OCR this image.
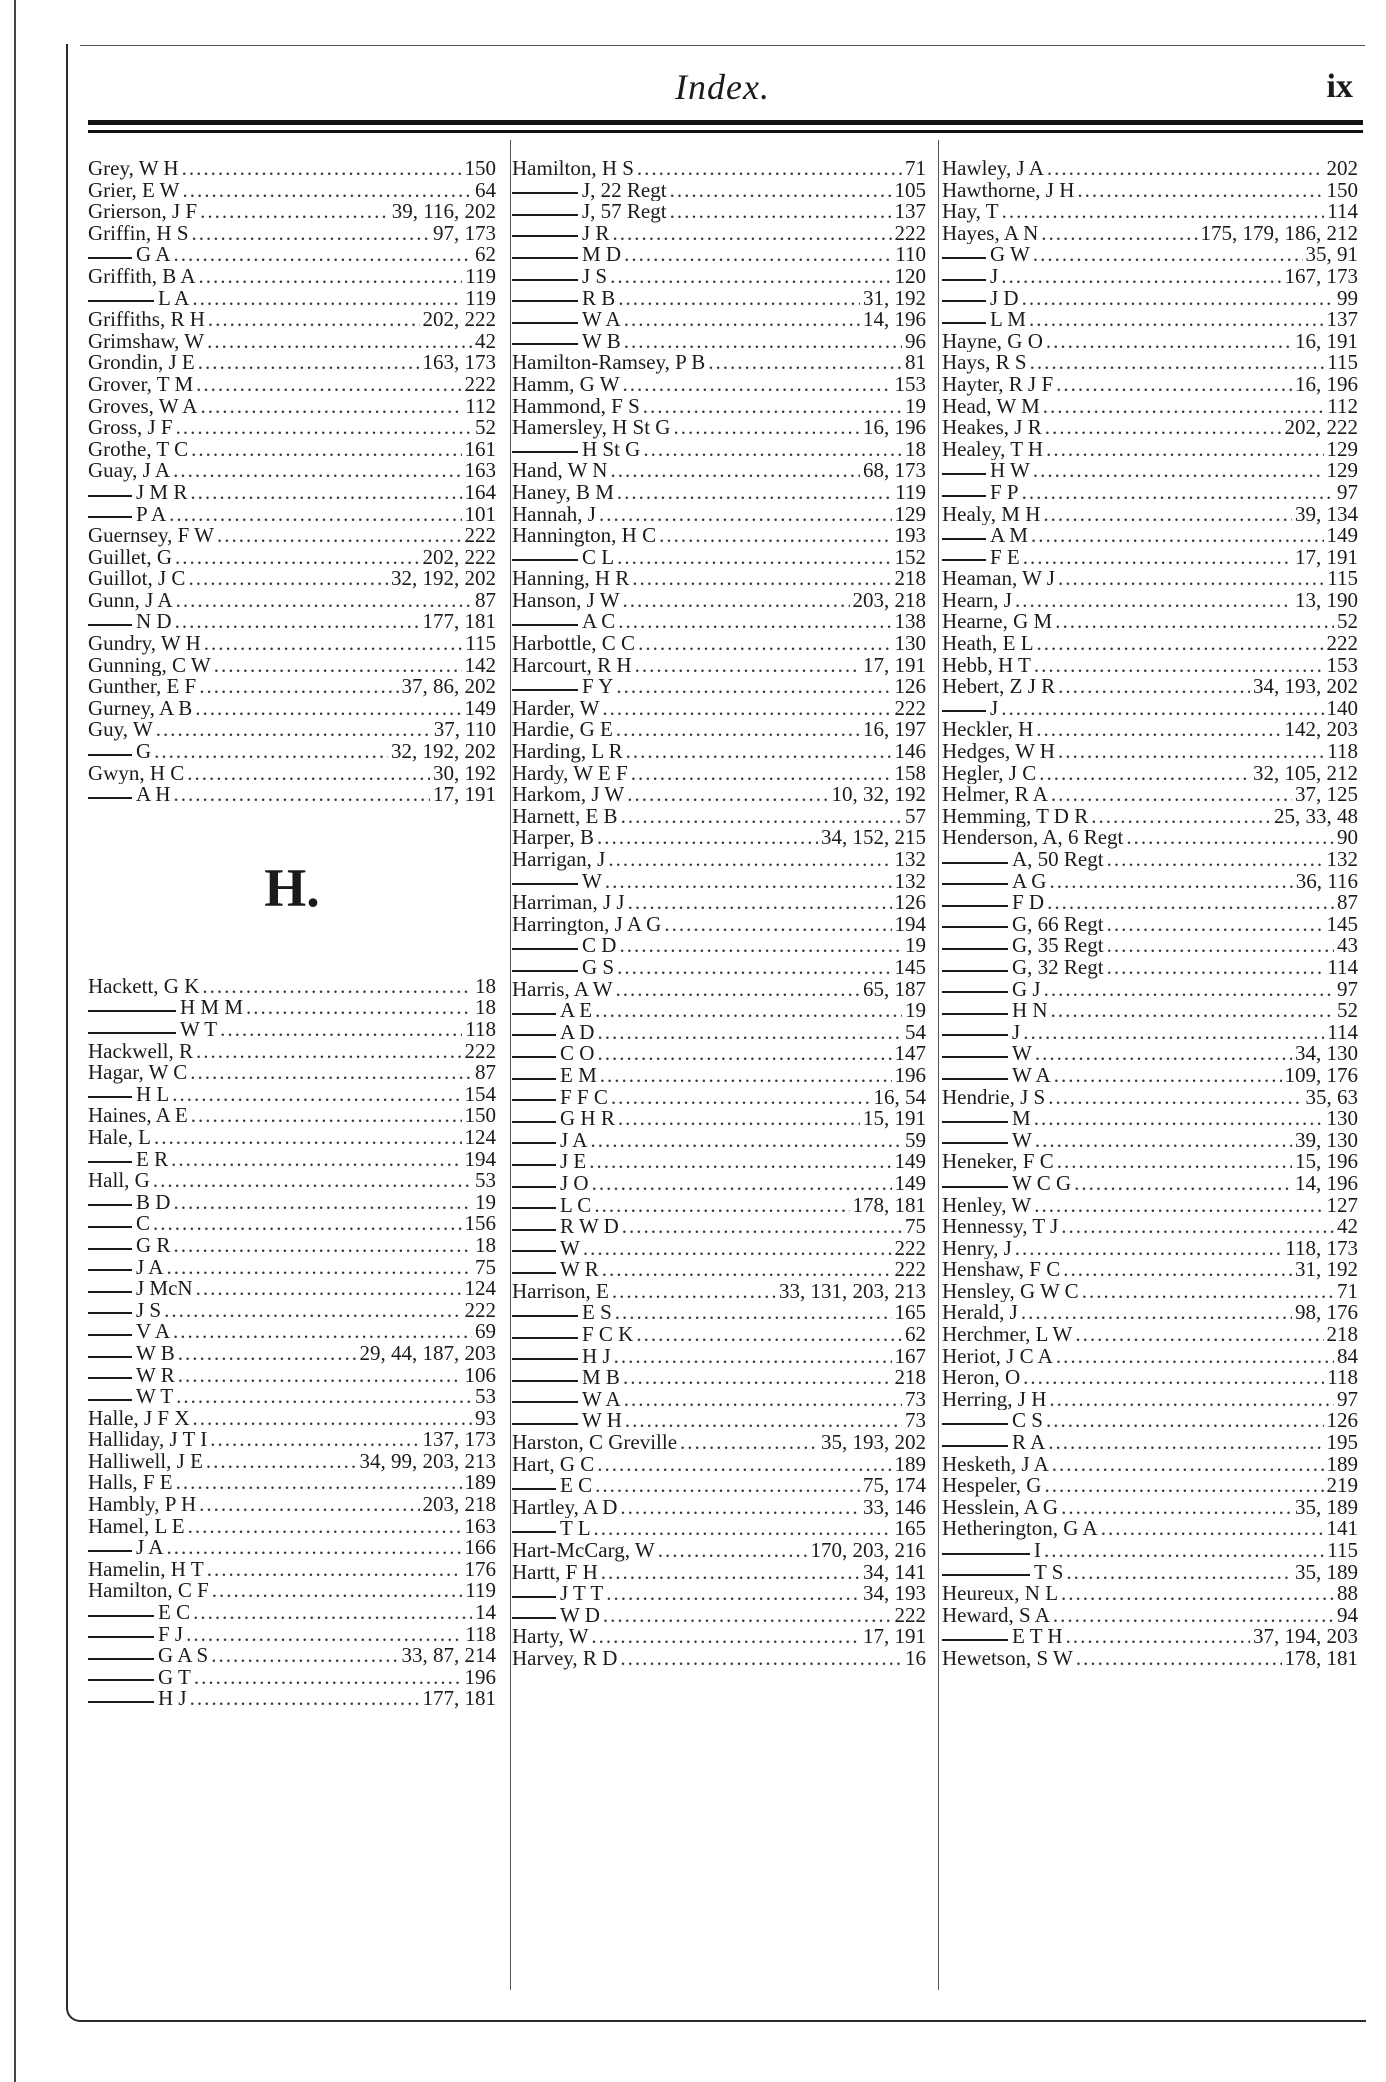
Index.	ix
Grey, W H .....	150
Grier, E W .....	64
Grierson, J F .....	39, 116, 202
Griffin, H S .....	97, 173
G A .....	62
Griffith, B A .....	119
L A .....	119
Griffiths, R H .....	202, 222
Grimshaw, W .....	42
Grondin, J E .....	163, 173
Grover, T M .....	222
Groves, W A .....	112
Gross, J F .....	52
Grothe, T C .....	161
Guay, J A .....	163
J M R .....	164
P A .....	101
Guernsey, F W .....	222
Guillet, G .....	202, 222
Guillot, J C .....	32, 192, 202
Gunn, J A .....	87
N D .....	177, 181
Gundry, W H .....	115
Gunning, C W .....	142
Gunther, E F .....	37, 86, 202
Gurney, A B .....	149
Guy, W .....	37, 110
G .....	32, 192, 202
Gwyn, H C .....	30, 192
A H .....	17, 191
H.
Hackett, G K .....	18
H M M .....	18
W T .....	118
Hackwell, R .....	222
Hagar, W C .....	87
H L .....	154
Haines, A E .....	150
Hale, L .....	124
E R .....	194
Hall, G .....	53
B D .....	19
C .....	156
G R .....	18
J A .....	75
J McN .....	124
J S .....	222
V A .....	69
W B .....	29, 44, 187, 203
W R .....	106
W T .....	53
Halle, J F X .....	93
Halliday, J T I .....	137, 173
Halliwell, J E .....	34, 99, 203, 213
Halls, F E .....	189
Hambly, P H .....	203, 218
Hamel, L E .....	163
J A .....	166
Hamelin, H T .....	176
Hamilton, C F .....	119
E C .....	14
F J .....	118
G A S .....	33, 87, 214
G T .....	196
H J .....	177, 181
Hamilton, H S .....	71
J, 22 Regt .....	105
J, 57 Regt .....	137
J R .....	222
M D .....	110
J S .....	120
R B .....	31, 192
W A .....	14, 196
W B .....	96
Hamilton-Ramsey, P B .....	81
Hamm, G W .....	153
Hammond, F S .....	19
Hamersley, H St G .....	16, 196
H St G .....	18
Hand, W N .....	68, 173
Haney, B M .....	119
Hannah, J .....	129
Hannington, H C .....	193
C L .....	152
Hanning, H R .....	218
Hanson, J W .....	203, 218
A C .....	138
Harbottle, C C .....	130
Harcourt, R H .....	17, 191
F Y .....	126
Harder, W .....	222
Hardie, G E .....	16, 197
Harding, L R .....	146
Hardy, W E F .....	158
Harkom, J W .....	10, 32, 192
Harnett, E B .....	57
Harper, B .....	34, 152, 215
Harrigan, J .....	132
W .....	132
Harriman, J J .....	126
Harrington, J A G .....	194
C D .....	19
G S .....	145
Harris, A W .....	65, 187
A E .....	19
A D .....	54
C O .....	147
E M .....	196
F F C .....	16, 54
G H R .....	15, 191
J A .....	59
J E .....	149
J O .....	149
L C .....	178, 181
R W D .....	75
W .....	222
W R .....	222
Harrison, E .....	33, 131, 203, 213
E S .....	165
F C K .....	62
H J .....	167
M B .....	218
W A .....	73
W H .....	73
Harston, C Greville .....	35, 193, 202
Hart, G C .....	189
E C .....	75, 174
Hartley, A D .....	33, 146
T L .....	165
Hart-McCarg, W .....	170, 203, 216
Hartt, F H .....	34, 141
J T T .....	34, 193
W D .....	222
Harty, W .....	17, 191
Harvey, R D .....	16
Hawley, J A .....	202
Hawthorne, J H .....	150
Hay, T .....	114
Hayes, A N .....	175, 179, 186, 212
G W .....	35, 91
J .....	167, 173
J D .....	99
L M .....	137
Hayne, G O .....	16, 191
Hays, R S .....	115
Hayter, R J F .....	16, 196
Head, W M .....	112
Heakes, J R .....	202, 222
Healey, T H .....	129
H W .....	129
F P .....	97
Healy, M H .....	39, 134
A M .....	149
F E .....	17, 191
Heaman, W J .....	115
Hearn, J .....	13, 190
Hearne, G M .....	52
Heath, E L .....	222
Hebb, H T .....	153
Hebert, Z J R .....	34, 193, 202
J .....	140
Heckler, H .....	142, 203
Hedges, W H .....	118
Hegler, J C .....	32, 105, 212
Helmer, R A .....	37, 125
Hemming, T D R .....	25, 33, 48
Henderson, A, 6 Regt .....	90
A, 50 Regt .....	132
A G .....	36, 116
F D .....	87
G, 66 Regt .....	145
G, 35 Regt .....	43
G, 32 Regt .....	114
G J .....	97
H N .....	52
J .....	114
W .....	34, 130
W A .....	109, 176
Hendrie, J S .....	35, 63
M .....	130
W .....	39, 130
Heneker, F C .....	15, 196
W C G .....	14, 196
Henley, W .....	127
Hennessy, T J .....	42
Henry, J .....	118, 173
Henshaw, F C .....	31, 192
Hensley, G W C .....	71
Herald, J .....	98, 176
Herchmer, L W .....	218
Heriot, J C A .....	84
Heron, O .....	118
Herring, J H .....	97
C S .....	126
R A .....	195
Hesketh, J A .....	189
Hespeler, G .....	219
Hesslein, A G .....	35, 189
Hetherington, G A .....	141
I .....	115
T S .....	35, 189
Heureux, N L .....	88
Heward, S A .....	94
E T H .....	37, 194, 203
Hewetson, S W .....	178, 181
